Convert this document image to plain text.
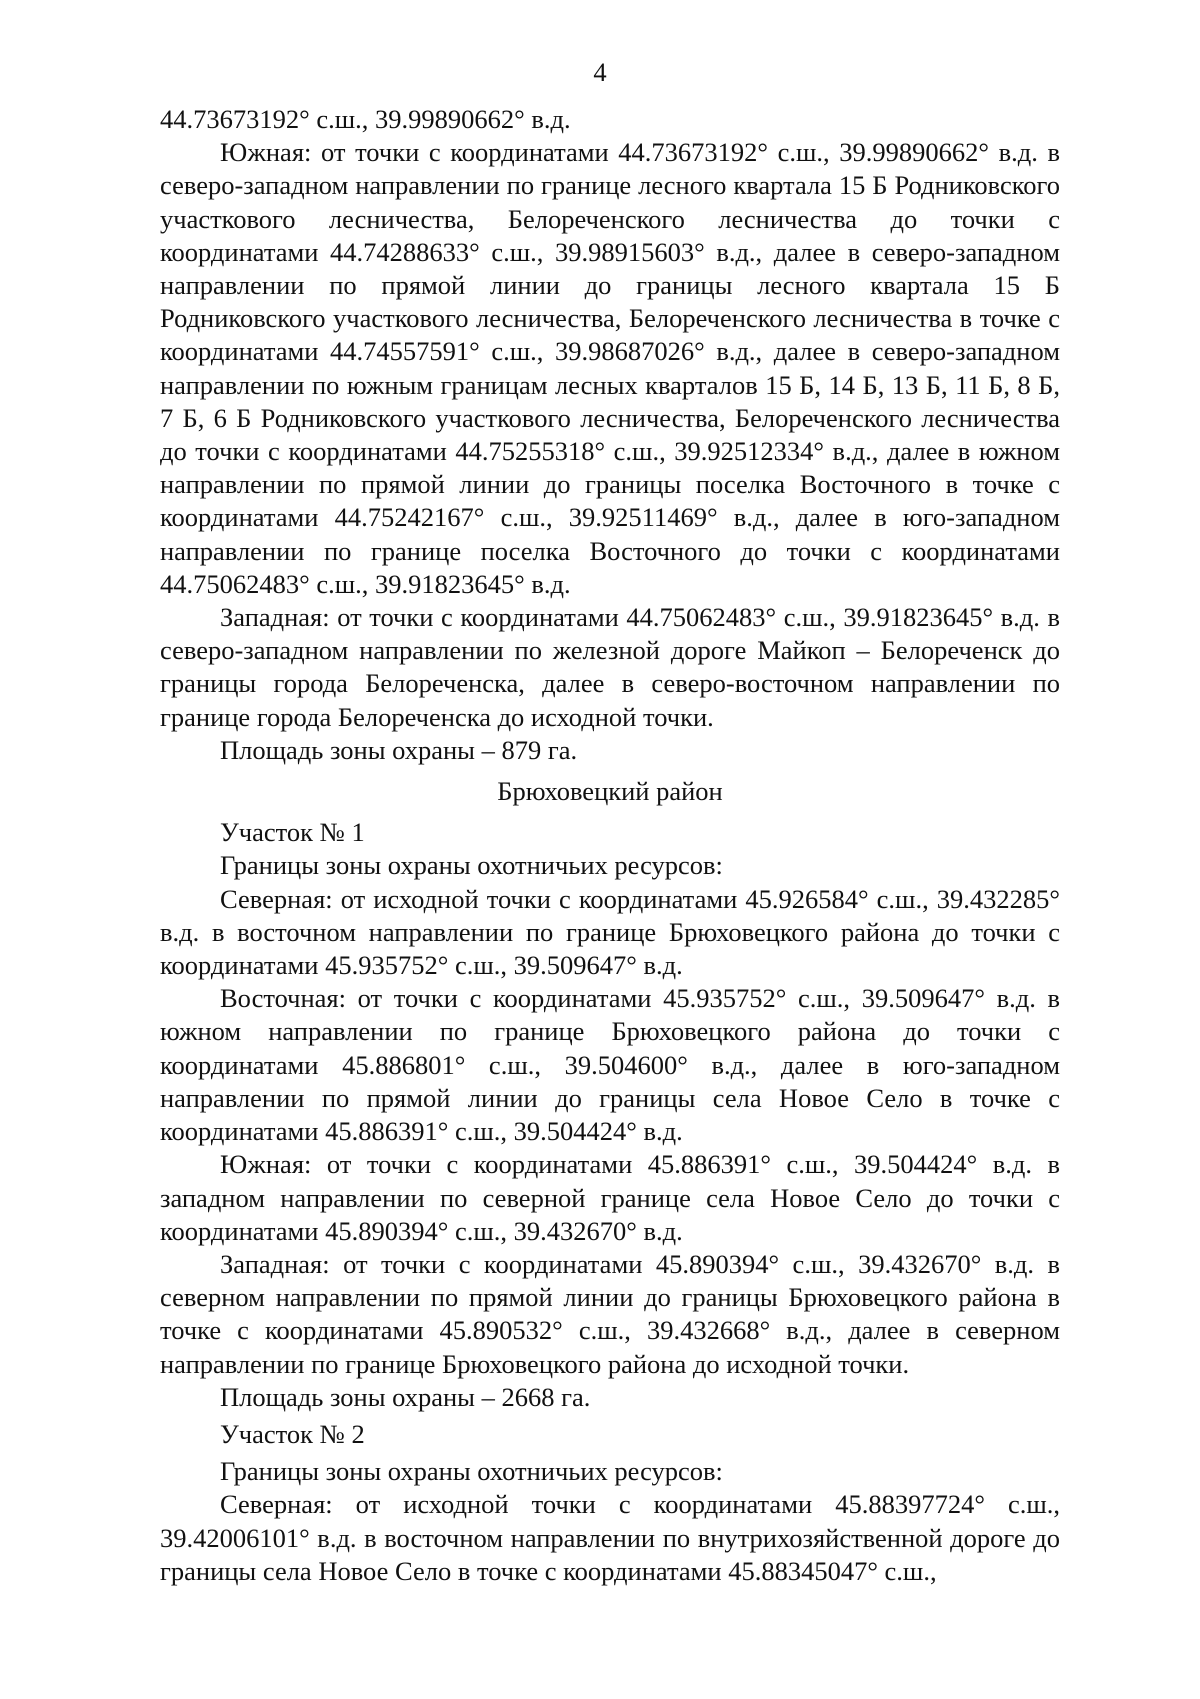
4

44.73673192° с.ш., 39.99890662° в.д.

Южная: от точки с координатами 44.73673192° с.ш., 39.99890662° в.д. в северо-западном направлении по границе лесного квартала 15 Б Родниковского участкового лесничества, Белореченского лесничества до точки с координатами 44.74288633° с.ш., 39.98915603° в.д., далее в северо-западном направлении по прямой линии до границы лесного квартала 15 Б Родниковского участкового лесничества, Белореченского лесничества в точке с координатами 44.74557591° с.ш., 39.98687026° в.д., далее в северо-западном направлении по южным границам лесных кварталов 15 Б, 14 Б, 13 Б, 11 Б, 8 Б, 7 Б, 6 Б Родниковского участкового лесничества, Белореченского лесничества до точки с координатами 44.75255318° с.ш., 39.92512334° в.д., далее в южном направлении по прямой линии до границы поселка Восточного в точке с координатами 44.75242167° с.ш., 39.92511469° в.д., далее в юго-западном направлении по границе поселка Восточного до точки с координатами 44.75062483° с.ш., 39.91823645° в.д.

Западная: от точки с координатами 44.75062483° с.ш., 39.91823645° в.д. в северо-западном направлении по железной дороге Майкоп – Белореченск до границы города Белореченска, далее в северо-восточном направлении по границе города Белореченска до исходной точки.

Площадь зоны охраны – 879 га.

Брюховецкий район

Участок № 1

Границы зоны охраны охотничьих ресурсов:

Северная: от исходной точки с координатами 45.926584° с.ш., 39.432285° в.д. в восточном направлении по границе Брюховецкого района до точки с координатами 45.935752° с.ш., 39.509647° в.д.

Восточная: от точки с координатами 45.935752° с.ш., 39.509647° в.д. в южном направлении по границе Брюховецкого района до точки с координатами 45.886801° с.ш., 39.504600° в.д., далее в юго-западном направлении по прямой линии до границы села Новое Село в точке с координатами 45.886391° с.ш., 39.504424° в.д.

Южная: от точки с координатами 45.886391° с.ш., 39.504424° в.д. в западном направлении по северной границе села Новое Село до точки с координатами 45.890394° с.ш., 39.432670° в.д.

Западная: от точки с координатами 45.890394° с.ш., 39.432670° в.д. в северном направлении по прямой линии до границы Брюховецкого района в точке с координатами 45.890532° с.ш., 39.432668° в.д., далее в северном направлении по границе Брюховецкого района до исходной точки.

Площадь зоны охраны – 2668 га.

Участок № 2

Границы зоны охраны охотничьих ресурсов:

Северная: от исходной точки с координатами 45.88397724° с.ш., 39.42006101° в.д. в восточном направлении по внутрихозяйственной дороге до границы села Новое Село в точке с координатами 45.88345047° с.ш.,
